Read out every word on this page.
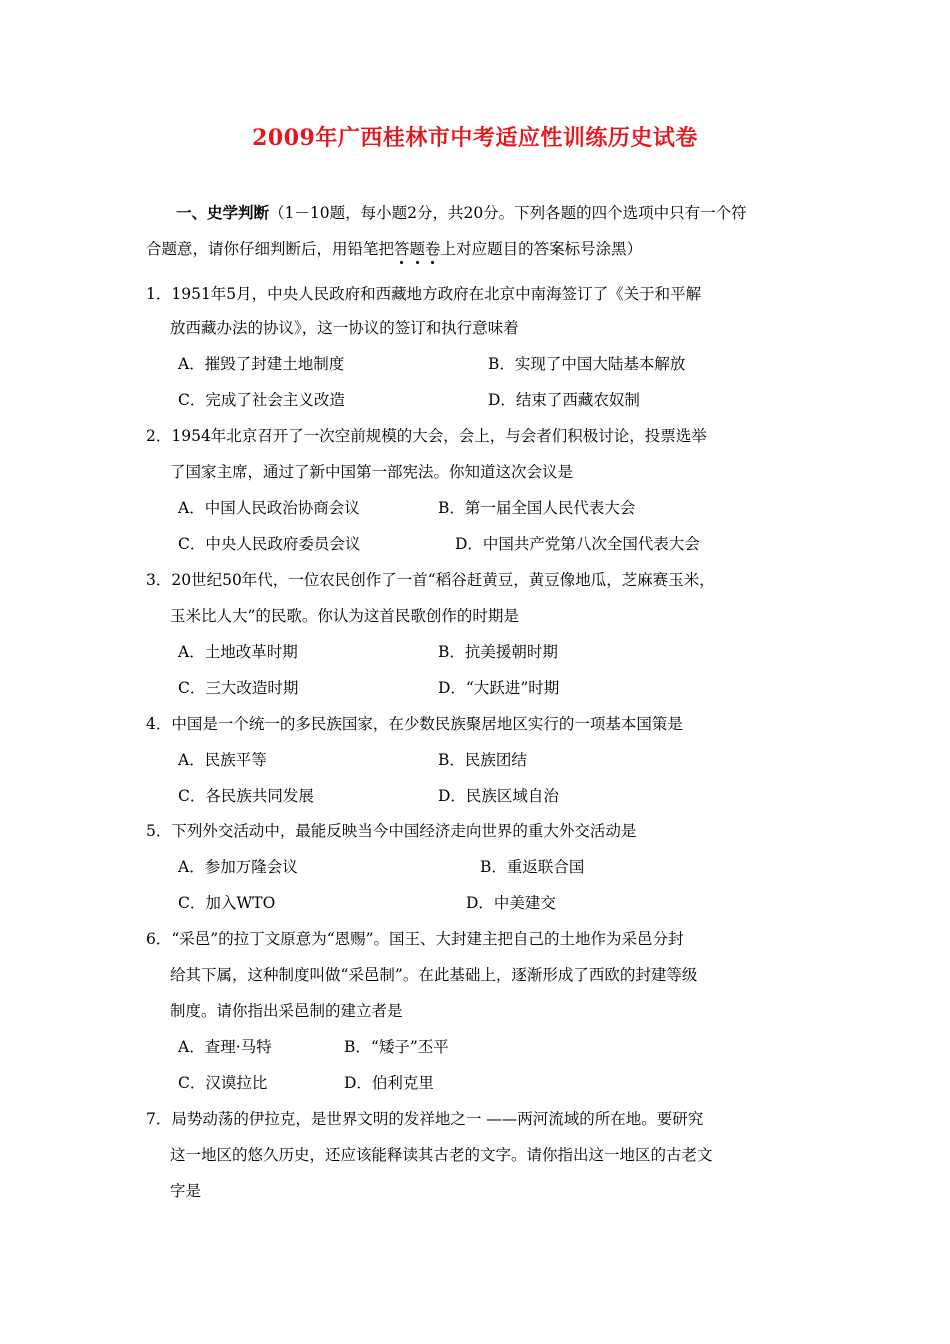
2009年广西桂林市中考适应性训练历史试卷
一、史学判断（1－10题，每小题2分，共20分。下列各题的四个选项中只有一个符
合题意，请你仔细判断后，用铅笔把答题卷上对应题目的答案标号涂黑）
1．1951年5月，中央人民政府和西藏地方政府在北京中南海签订了《关于和平解
放西藏办法的协议》，这一协议的签订和执行意味着
A．摧毁了封建土地制度	B．实现了中国大陆基本解放
C．完成了社会主义改造	D．结束了西藏农奴制
2．1954年北京召开了一次空前规模的大会，会上，与会者们积极讨论，投票选举
了国家主席，通过了新中国第一部宪法。你知道这次会议是
A．中国人民政治协商会议	B．第一届全国人民代表大会
C．中央人民政府委员会议	D．中国共产党第八次全国代表大会
3．20世纪50年代，一位农民创作了一首“稻谷赶黄豆，黄豆像地瓜，芝麻赛玉米，
玉米比人大”的民歌。你认为这首民歌创作的时期是
A．土地改革时期	B．抗美援朝时期
C．三大改造时期	D．“大跃进”时期
4．中国是一个统一的多民族国家，在少数民族聚居地区实行的一项基本国策是
A．民族平等	B．民族团结
C．各民族共同发展	D．民族区域自治
5．下列外交活动中，最能反映当今中国经济走向世界的重大外交活动是
A．参加万隆会议	B．重返联合国
C．加入WTO	D．中美建交
6．“采邑”的拉丁文原意为“恩赐”。国王、大封建主把自己的土地作为采邑分封
给其下属，这种制度叫做“采邑制”。在此基础上，逐渐形成了西欧的封建等级
制度。请你指出采邑制的建立者是
A．查理·马特	B．“矮子”丕平
C．汉谟拉比	D．伯利克里
7．局势动荡的伊拉克，是世界文明的发祥地之一 ——两河流域的所在地。要研究
这一地区的悠久历史，还应该能释读其古老的文字。请你指出这一地区的古老文
字是
